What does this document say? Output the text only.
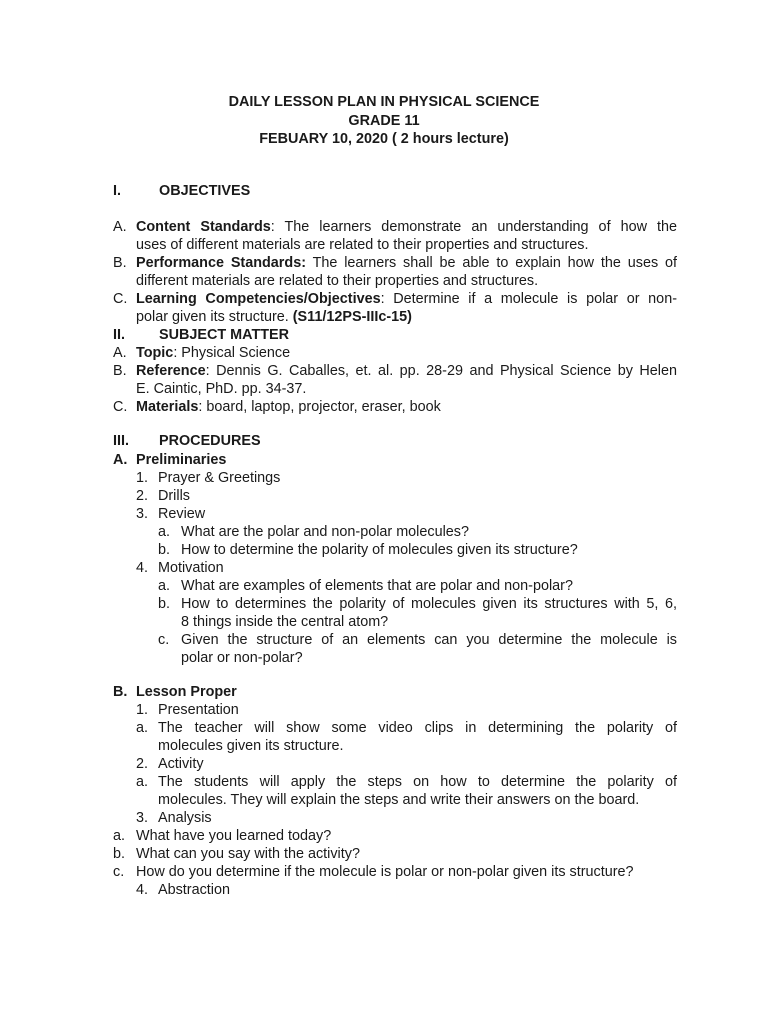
DAILY LESSON PLAN IN PHYSICAL SCIENCE
GRADE 11
FEBUARY 10, 2020 ( 2 hours lecture)
I.	OBJECTIVES
A. Content Standards: The learners demonstrate an understanding of how the
uses of different materials are related to their properties and structures.
B. Performance Standards: The learners shall be able to explain how the uses of
different materials are related to their properties and structures.
C. Learning Competencies/Objectives: Determine if a molecule is polar or non-
polar given its structure. (S11/12PS-IIIc-15)
II. SUBJECT MATTER
A. Topic: Physical Science
B. Reference: Dennis G. Caballes, et. al. pp. 28-29 and Physical Science by Helen
E. Caintic, PhD. pp. 34-37.
C. Materials: board, laptop, projector, eraser, book
III. PROCEDURES
A. Preliminaries
1. Prayer & Greetings
2. Drills
3. Review
a. What are the polar and non-polar molecules?
b. How to determine the polarity of molecules given its structure?
4. Motivation
a. What are examples of elements that are polar and non-polar?
b. How to determines the polarity of molecules given its structures with 5, 6,
8 things inside the central atom?
c. Given the structure of an elements can you determine the molecule is
polar or non-polar?
B. Lesson Proper
1. Presentation
a. The teacher will show some video clips in determining the polarity of
molecules given its structure.
2. Activity
a. The students will apply the steps on how to determine the polarity of
molecules. They will explain the steps and write their answers on the board.
3. Analysis
a. What have you learned today?
b. What can you say with the activity?
c. How do you determine if the molecule is polar or non-polar given its structure?
4. Abstraction
